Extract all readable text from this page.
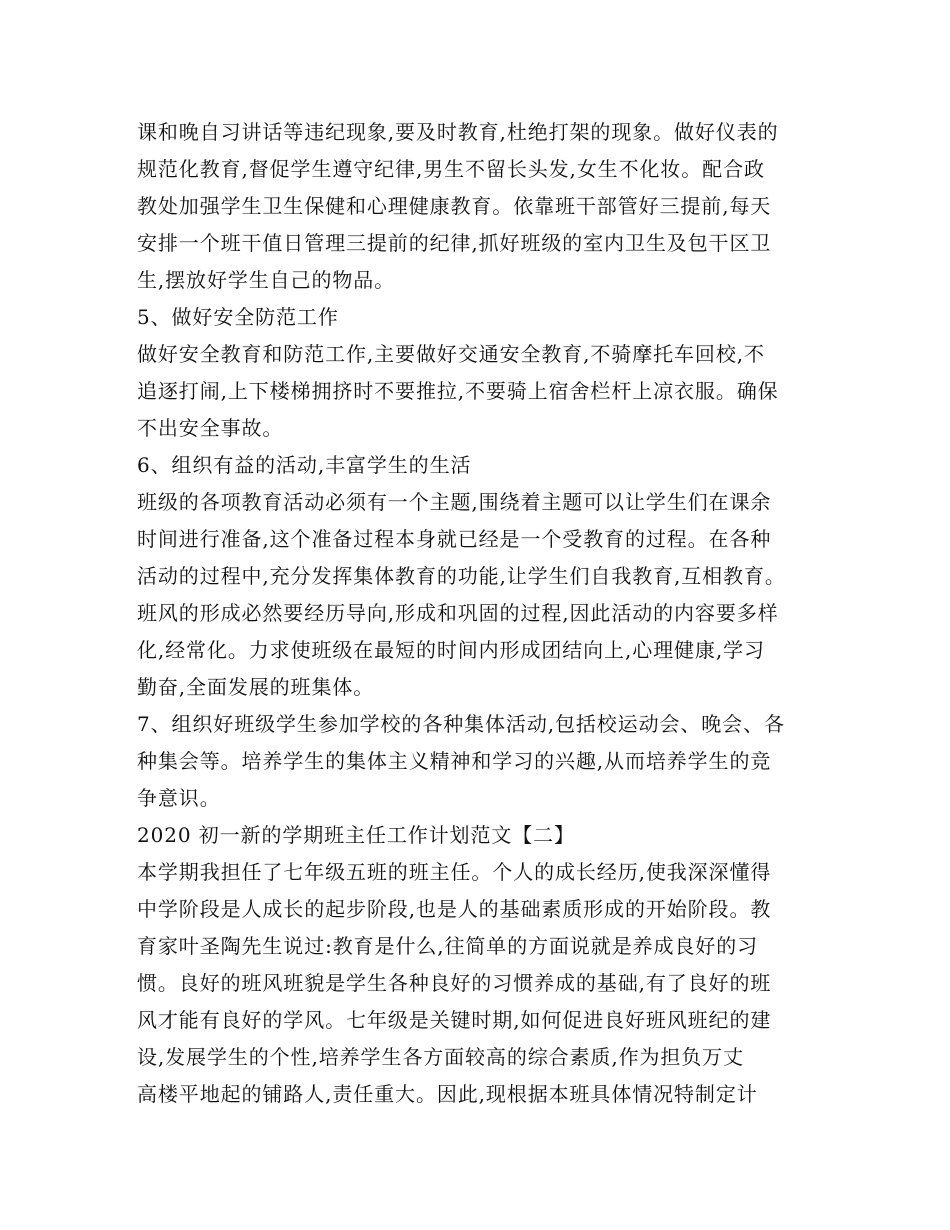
课和晚自习讲话等违纪现象,要及时教育,杜绝打架的现象。做好仪表的
规范化教育,督促学生遵守纪律,男生不留长头发,女生不化妆。配合政
教处加强学生卫生保健和心理健康教育。依靠班干部管好三提前,每天
安排一个班干值日管理三提前的纪律,抓好班级的室内卫生及包干区卫
生,摆放好学生自己的物品。
5、做好安全防范工作
做好安全教育和防范工作,主要做好交通安全教育,不骑摩托车回校,不
追逐打闹,上下楼梯拥挤时不要推拉,不要骑上宿舍栏杆上凉衣服。确保
不出安全事故。
6、组织有益的活动,丰富学生的生活
班级的各项教育活动必须有一个主题,围绕着主题可以让学生们在课余
时间进行准备,这个准备过程本身就已经是一个受教育的过程。在各种
活动的过程中,充分发挥集体教育的功能,让学生们自我教育,互相教育。
班风的形成必然要经历导向,形成和巩固的过程,因此活动的内容要多样
化,经常化。力求使班级在最短的时间内形成团结向上,心理健康,学习
勤奋,全面发展的班集体。
7、组织好班级学生参加学校的各种集体活动,包括校运动会、晚会、各
种集会等。培养学生的集体主义精神和学习的兴趣,从而培养学生的竞
争意识。
2020 初一新的学期班主任工作计划范文【二】
本学期我担任了七年级五班的班主任。个人的成长经历,使我深深懂得
中学阶段是人成长的起步阶段,也是人的基础素质形成的开始阶段。教
育家叶圣陶先生说过:教育是什么,往简单的方面说就是养成良好的习
惯。良好的班风班貌是学生各种良好的习惯养成的基础,有了良好的班
风才能有良好的学风。七年级是关键时期,如何促进良好班风班纪的建
设,发展学生的个性,培养学生各方面较高的综合素质,作为担负万丈
高楼平地起的铺路人,责任重大。因此,现根据本班具体情况特制定计
